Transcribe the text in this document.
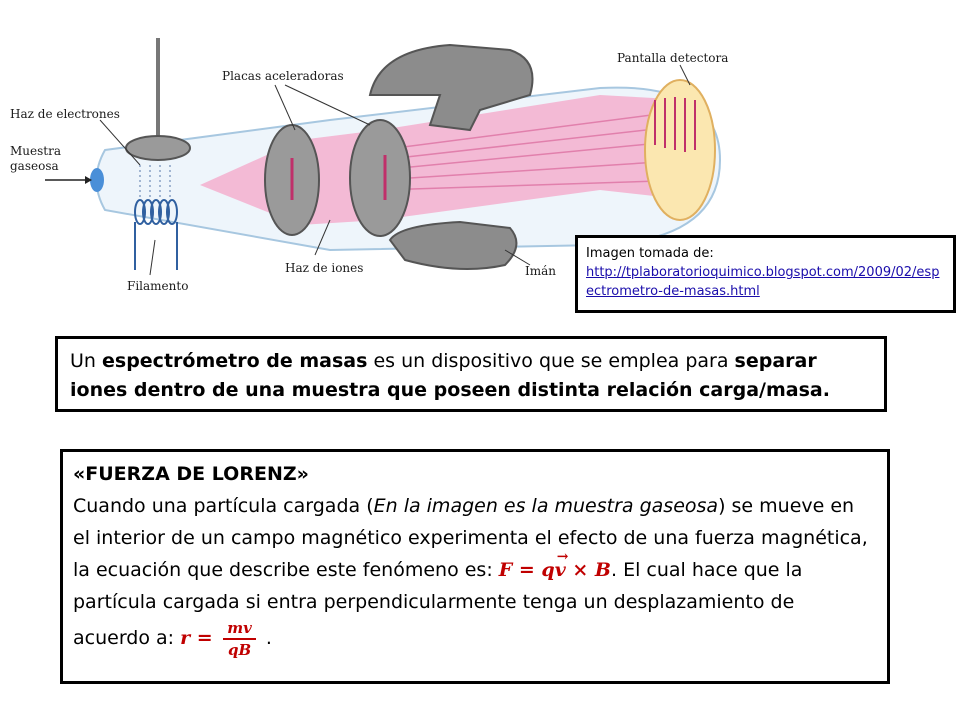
Haz de electrones
Muestra
gaseosa
Placas aceleradoras
Pantalla detectora
Filamento
Haz de iones	Imán
Imagen tomada de:
http://tplaboratorioquimico.blogspot.com/2009/02/espectrometro-de-masas.html
Un espectrómetro de masas es un dispositivo que se emplea para separar iones dentro de una muestra que poseen distinta relación carga/masa.
«FUERZA DE LORENZ»
Cuando una partícula cargada (En la imagen es la muestra gaseosa) se mueve en el interior de un campo magnético experimenta el efecto de una fuerza magnética, la ecuación que describe este fenómeno es: F = q→ v × B. El cual hace que la partícula cargada si entra perpendicularmente tenga un desplazamiento de acuerdo a: $r = \frac{mv}{qB}$ .
